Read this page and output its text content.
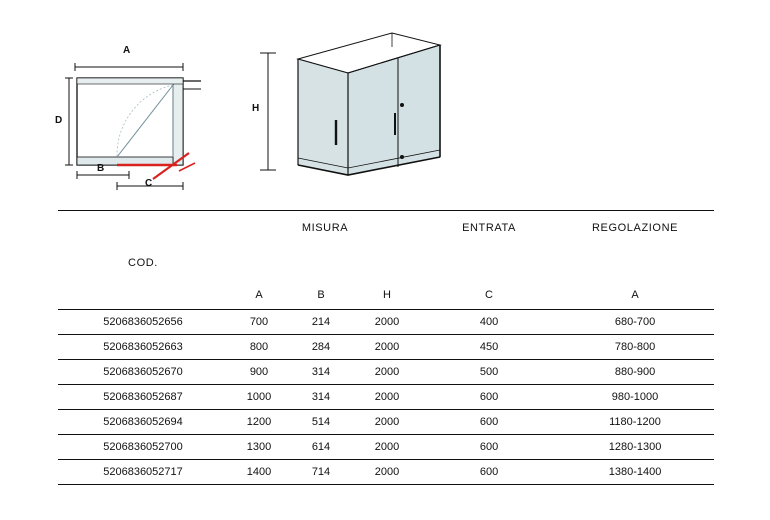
A
D
B
C
H
	MISURA			ENTRATA	REGOLAZIONE
COD.					
	A	B	H	C	A
5206836052656	700	214	2000	400	680-700
5206836052663	800	284	2000	450	780-800
5206836052670	900	314	2000	500	880-900
5206836052687	1000	314	2000	600	980-1000
5206836052694	1200	514	2000	600	1180-1200
5206836052700	1300	614	2000	600	1280-1300
5206836052717	1400	714	2000	600	1380-1400
